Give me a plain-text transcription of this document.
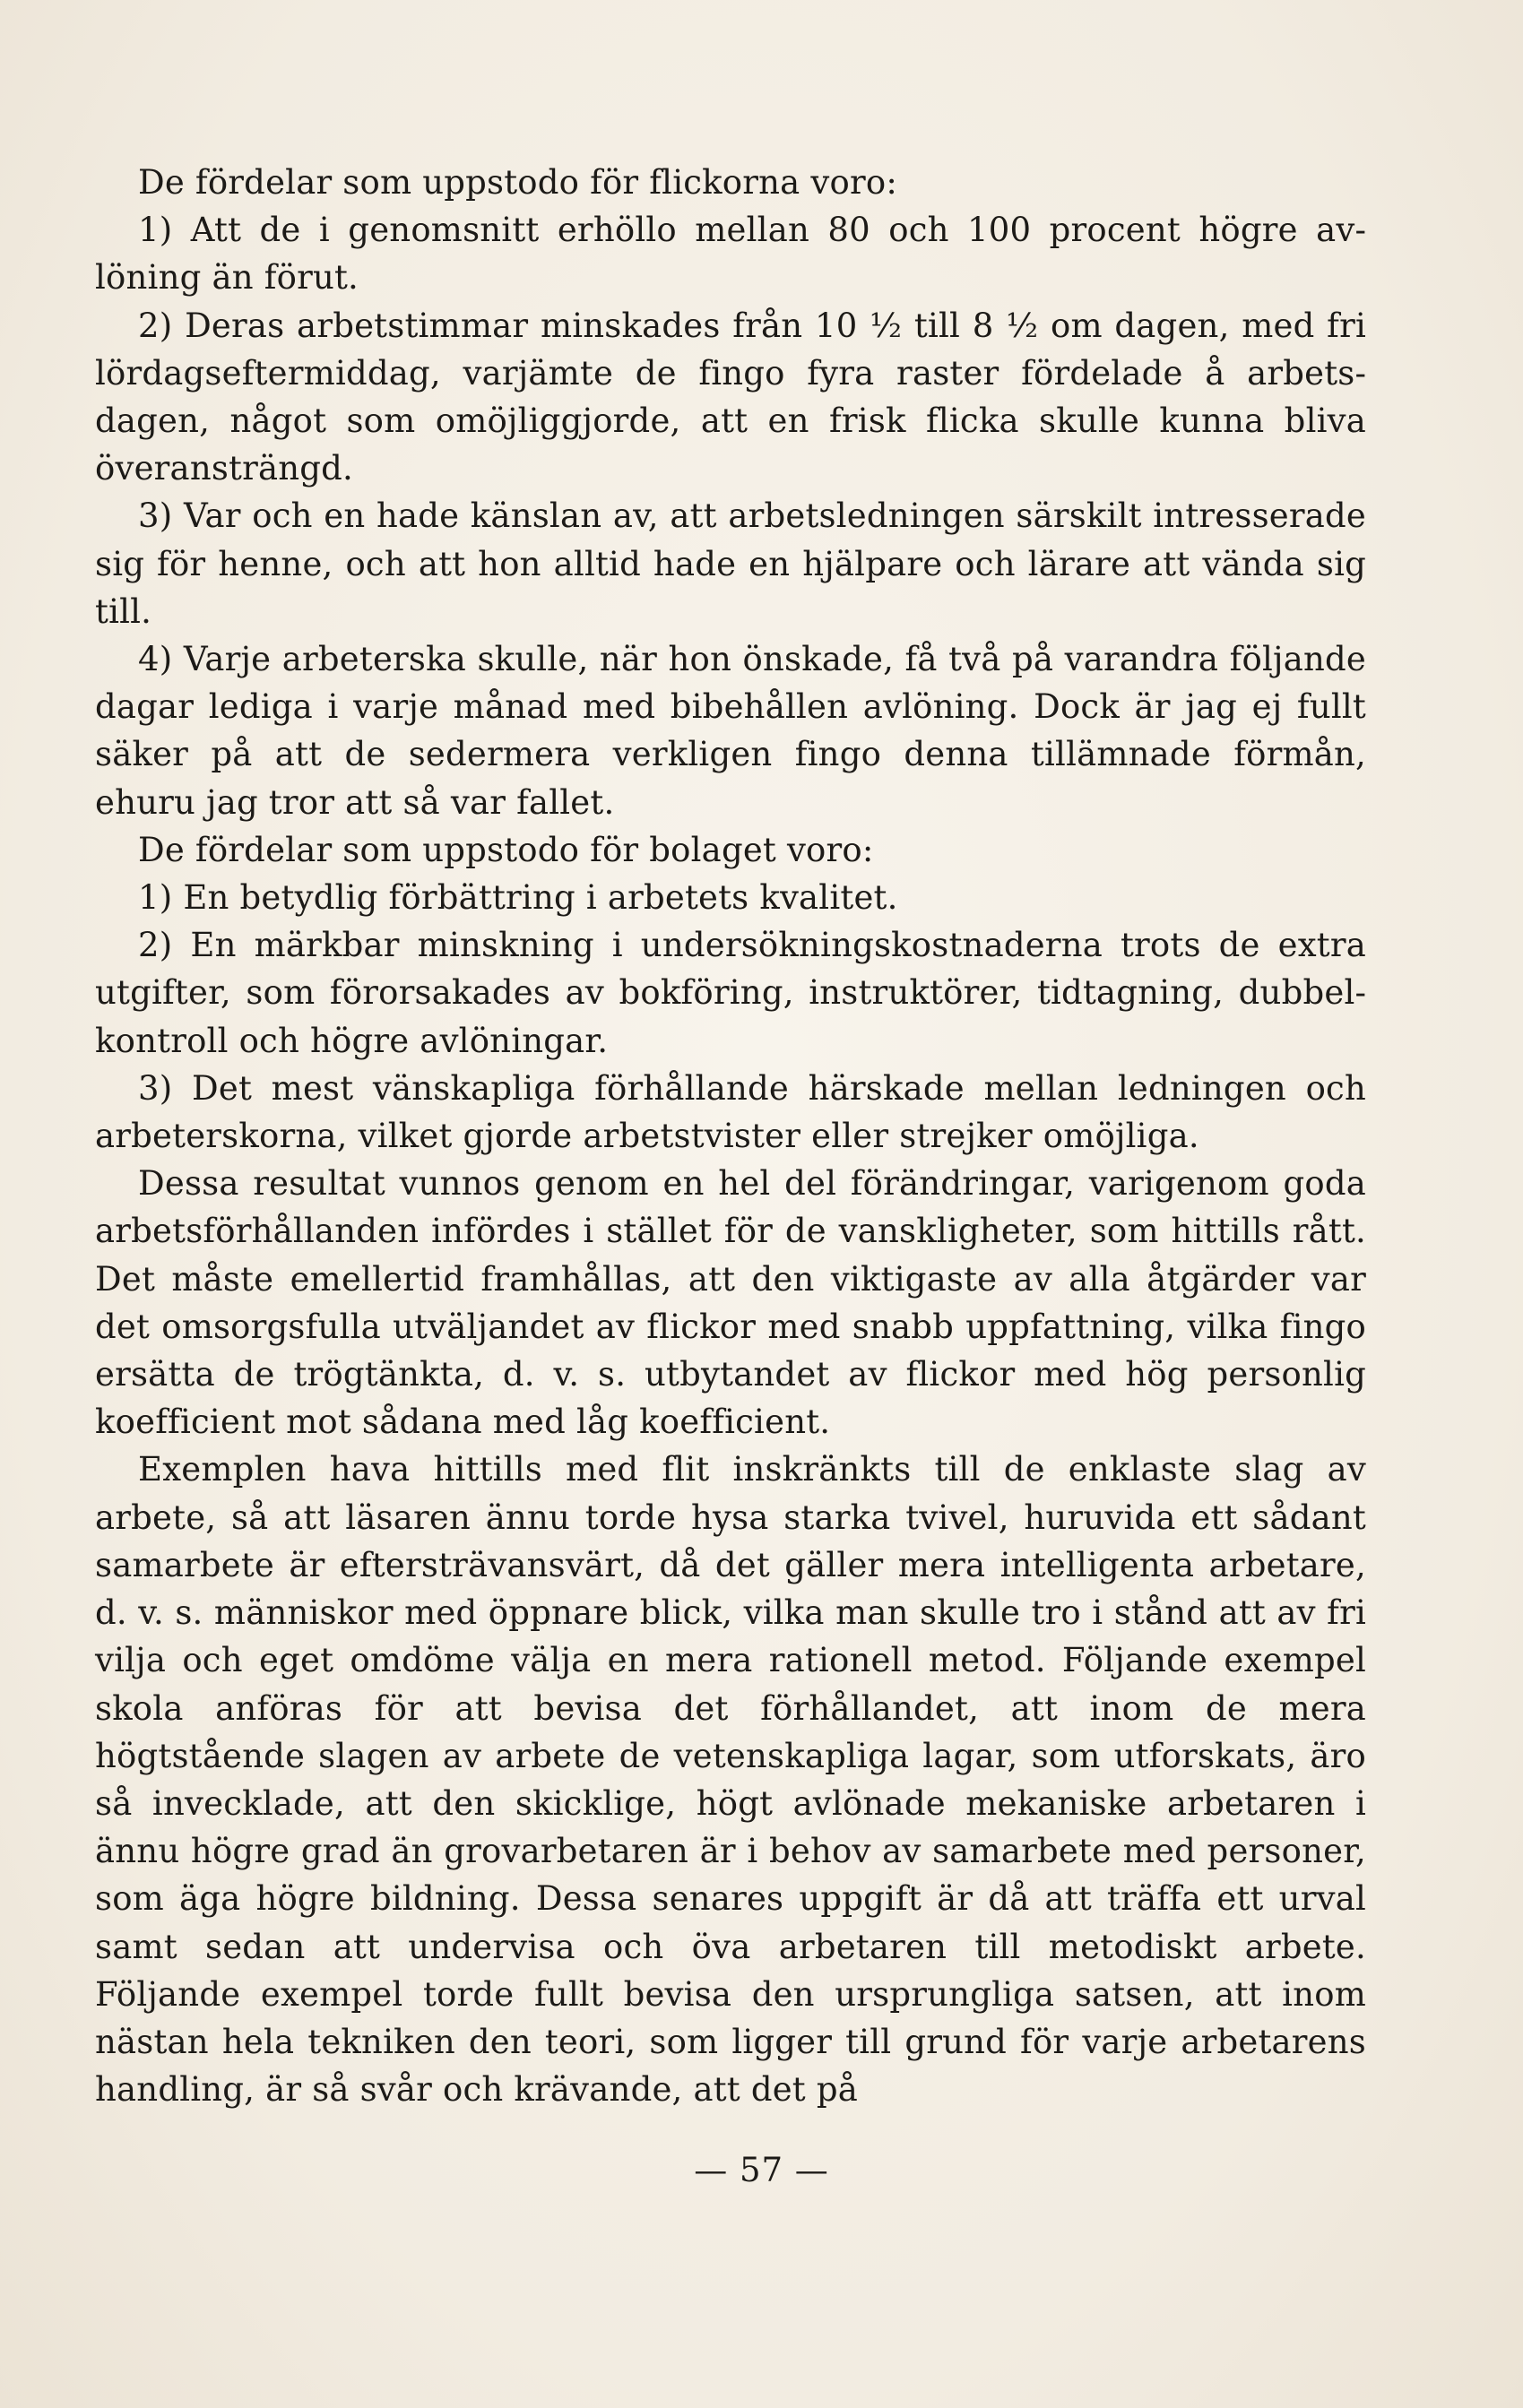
De fördelar som uppstodo för flickorna voro:

1) Att de i genomsnitt erhöllo mellan 80 och 100 procent högre avlöning än förut.

2) Deras arbetstimmar minskades från 10 ½ till 8 ½ om dagen, med fri lördagseftermiddag, varjämte de fingo fyra raster fördelade å arbetsdagen, något som omöjliggjorde, att en frisk flicka skulle kunna bliva överansträngd.

3) Var och en hade känslan av, att arbetsledningen särskilt intresserade sig för henne, och att hon alltid hade en hjälpare och lärare att vända sig till.

4) Varje arbeterska skulle, när hon önskade, få två på varandra följande dagar lediga i varje månad med bibehållen avlöning. Dock är jag ej fullt säker på att de sedermera verkligen fingo denna tillämnade förmån, ehuru jag tror att så var fallet.

De fördelar som uppstodo för bolaget voro:

1) En betydlig förbättring i arbetets kvalitet.

2) En märkbar minskning i undersökningskostnaderna trots de extra utgifter, som förorsakades av bokföring, instruktörer, tidtagning, dubbelkontroll och högre avlöningar.

3) Det mest vänskapliga förhållande härskade mellan ledningen och arbeterskorna, vilket gjorde arbetstvister eller strejker omöjliga.

Dessa resultat vunnos genom en hel del förändringar, varigenom goda arbetsförhållanden infördes i stället för de vanskligheter, som hittills rått. Det måste emellertid framhållas, att den viktigaste av alla åtgärder var det omsorgsfulla utväljandet av flickor med snabb uppfattning, vilka fingo ersätta de trögtänkta, d. v. s. utbytandet av flickor med hög personlig koefficient mot sådana med låg koefficient.

Exemplen hava hittills med flit inskränkts till de enklaste slag av arbete, så att läsaren ännu torde hysa starka tvivel, huruvida ett sådant samarbete är eftersträvansvärt, då det gäller mera intelligenta arbetare, d. v. s. människor med öppnare blick, vilka man skulle tro i stånd att av fri vilja och eget omdöme välja en mera rationell metod. Följande exempel skola anföras för att bevisa det förhållandet, att inom de mera högtstående slagen av arbete de vetenskapliga lagar, som utforskats, äro så invecklade, att den skicklige, högt avlönade mekaniske arbetaren i ännu högre grad än grovarbetaren är i behov av samarbete med personer, som äga högre bildning. Dessa senares uppgift är då att träffa ett urval samt sedan att undervisa och öva arbetaren till metodiskt arbete. Följande exempel torde fullt bevisa den ursprungliga satsen, att inom nästan hela tekniken den teori, som ligger till grund för varje arbetarens handling, är så svår och krävande, att det på

— 57 —
